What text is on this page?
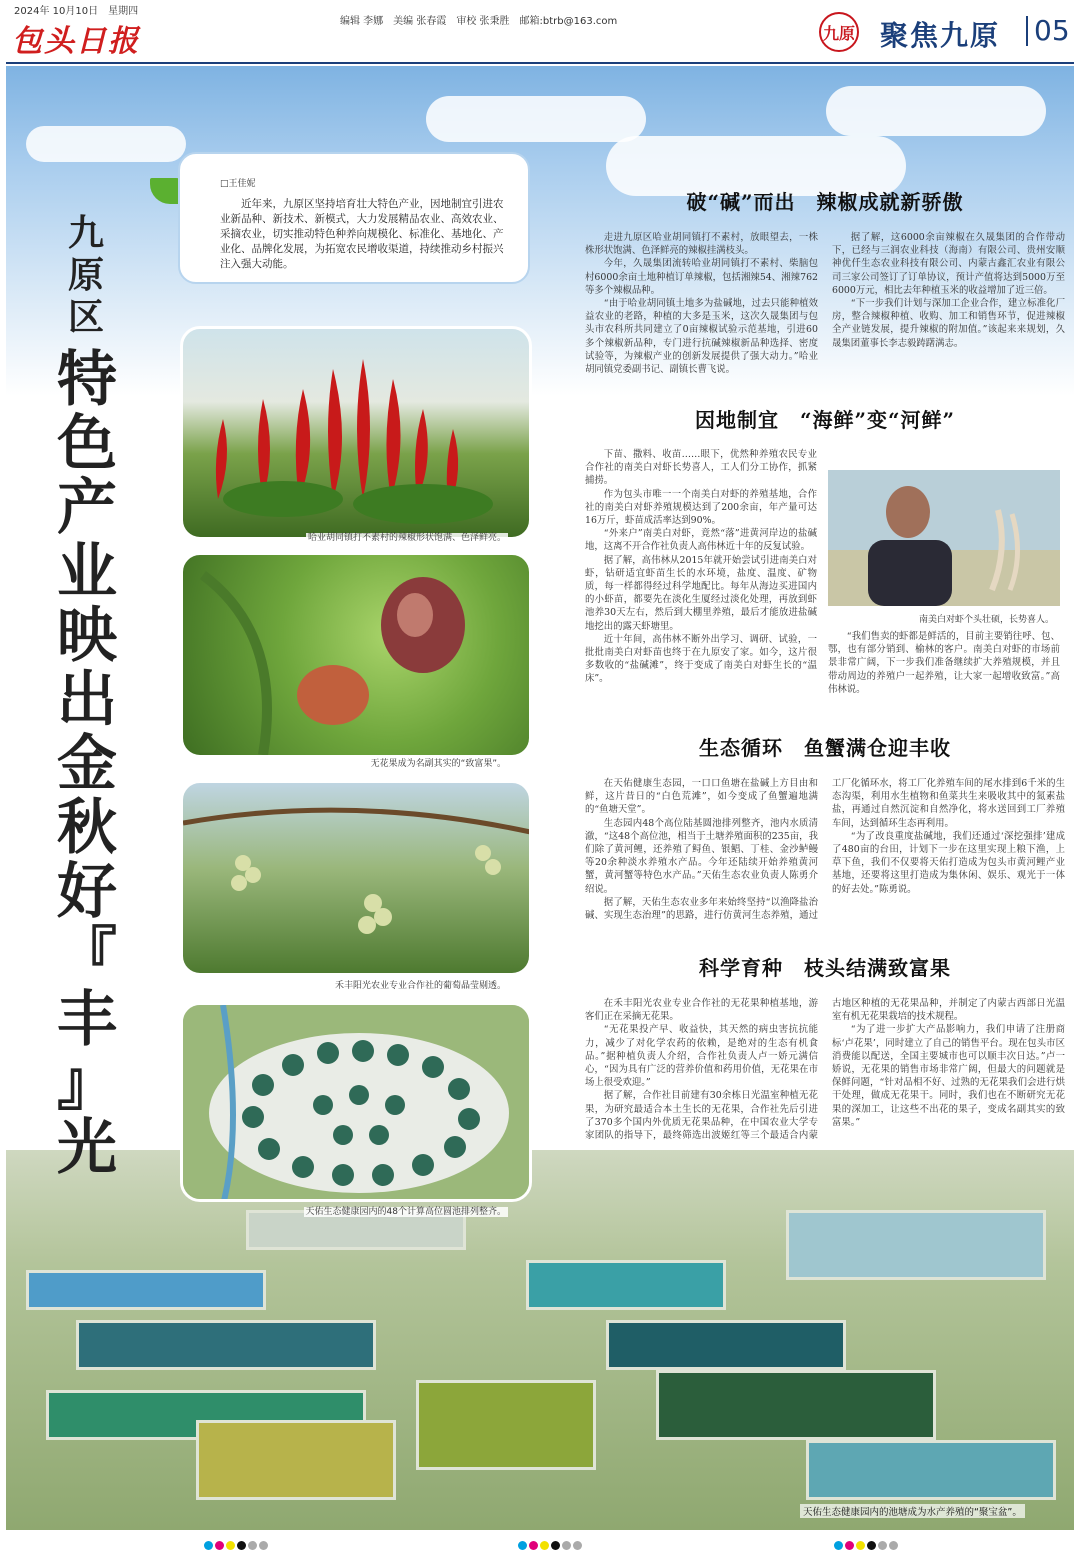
2024年 10月10日　星期四
包头日报
编辑 李娜　美编 张春霞　审校 张秉胜　邮箱:btrb@163.com
九原 聚焦九原 05
九
原
区
特
色
产
业
映
出
金
秋
好
『
丰
』
光
□王佳妮

近年来，九原区坚持培育壮大特色产业，因地制宜引进农业新品种、新技术、新模式，大力发展精品农业、高效农业、采摘农业，切实推动特色种养向规模化、标准化、基地化、产业化、品牌化发展，为拓宽农民增收渠道，持续推动乡村振兴注入强大动能。

哈业胡同镇打不素村的辣椒形状饱满、色泽鲜亮。
无花果成为名副其实的“致富果”。
禾丰阳光农业专业合作社的葡萄晶莹剔透。
天佑生态健康园内的48个计算高位圆池排列整齐。
破“碱”而出　辣椒成就新骄傲

走进九原区哈业胡同镇打不素村，放眼望去，一株株形状饱满、色泽鲜亮的辣椒挂满枝头。

今年，久晟集团流转哈业胡同镇打不素村、柴脑包村6000余亩土地种植订单辣椒，包括湘辣54、湘辣762等多个辣椒品种。

“由于哈业胡同镇土地多为盐碱地，过去只能种植效益农业的老路，种植的大多是玉米，这次久晟集团与包头市农科所共同建立了0亩辣椒试验示范基地，引进60多个辣椒新品种，专门进行抗碱辣椒新品种选择、密度试验等，为辣椒产业的创新发展提供了强大动力。”哈业胡同镇党委副书记、副镇长曹飞说。

据了解，这6000余亩辣椒在久晟集团的合作带动下，已经与三润农业科技（海南）有限公司、贵州安顺神优仟生态农业科技有限公司、内蒙古鑫汇农业有限公司三家公司签订了订单协议，预计产值将达到5000万至6000万元，相比去年种植玉米的收益增加了近三倍。

“下一步我们计划与深加工企业合作，建立标准化厂房，整合辣椒种植、收购、加工和销售环节，促进辣椒全产业链发展，提升辣椒的附加值。”该起来来规划，久晟集团董事长李志毅踌躇满志。

因地制宜　“海鲜”变“河鲜”

下苗、撒料、收苗……眼下，优然种养殖农民专业合作社的南美白对虾长势喜人，工人们分工协作，抓紧捕捞。

作为包头市唯一一个南美白对虾的养殖基地，合作社的南美白对虾养殖规模达到了200余亩，年产量可达16万斤，虾苗成活率达到90%。

“外来户”南美白对虾，竟然“落”进黄河岸边的盐碱地，这离不开合作社负责人高伟林近十年的反复试验。

据了解，高伟林从2015年就开始尝试引进南美白对虾，钻研适宜虾苗生长的水环境，盐度、温度、矿物质，每一样都得经过科学地配比。每年从海边买进国内的小虾苗，都要先在淡化生厦经过淡化处理，再放到虾池养30天左右，然后到大棚里养殖，最后才能放进盐碱地挖出的露天虾塘里。

近十年间，高伟林不断外出学习、调研、试验，一批批南美白对虾苗也终于在九原安了家。如今，这片很多数收的“盐碱滩”，终于变成了南美白对虾生长的“温床”。

南美白对虾个头壮硕，长势喜人。

“我们售卖的虾都是鲜活的，目前主要销往呼、包、鄂，也有部分销到、榆林的客户。南美白对虾的市场前景非常广阔，下一步我们准备继续扩大养殖规模，并且带动周边的养殖户一起养殖，让大家一起增收致富。”高伟林说。

生态循环　鱼蟹满仓迎丰收

在天佑健康生态园，一口口鱼塘在盐碱上方目由和鲜，这片昔日的“白色荒滩”，如今变成了鱼蟹遍地满的“鱼塘天堂”。

生态园内48个高位陆基圆池排列整齐，池内水质清澈，“这48个高位池，相当于土塘养殖面积的235亩，我们除了黄河鲤，还养殖了鲟鱼、银鲳、丁桂、金沙鲈鳗等20余种淡水养殖水产品。今年还陆续开始养殖黄河蟹，黄河蟹等特色水产品。”天佑生态农业负责人陈勇介绍说。

据了解，天佑生态农业多年来始终坚持“以渔降盐治碱、实现生态治理”的思路，进行仿黄河生态养殖，通过工厂化循环水，将工厂化养殖车间的尾水排到6千米的生态沟渠，利用水生植物和鱼菜共生来吸收其中的氮素盐盐，再通过自然沉淀和自然净化，将水送回到工厂养殖车间，达到循环生态再利用。

“为了改良重度盐碱地，我们还通过‘深挖强排’建成了480亩的台田，计划下一步在这里实现上粮下渔，上草下鱼，我们不仅要将天佑打造成为包头市黄河鲤产业基地，还要将这里打造成为集休闲、娱乐、观光于一体的好去处。”陈勇说。

科学育种　枝头结满致富果

在禾丰阳光农业专业合作社的无花果种植基地，游客们正在采摘无花果。

“无花果投产早、收益快，其天然的病虫害抗抗能力，减少了对化学农药的依赖，是绝对的生态有机食品。”据种植负责人介绍，合作社负责人卢一娇元满信心，“因为具有广泛的营养价值和药用价值，无花果在市场上很受欢迎。”

据了解，合作社目前建有30余栋日光温室种植无花果，为研究最适合本土生长的无花果，合作社先后引进了370多个国内外优质无花果品种，在中国农业大学专家团队的指导下，最终筛选出波姬红等三个最适合内蒙古地区种植的无花果品种，并制定了内蒙古西部日光温室有机无花果栽培的技术规程。

“为了进一步扩大产品影响力，我们申请了注册商标‘卢花果’，同时建立了自己的销售平台。现在包头市区消费能以配送，全国主要城市也可以顺丰次日达。”卢一娇说，无花果的销售市场非常广阔，但最大的问题就是保鲜问题，“针对品相不好、过熟的无花果我们会进行烘干处理，做成无花果干。同时，我们也在不断研究无花果的深加工，让这些不出花的果子，变成名副其实的致富果。”

天佑生态健康园内的池塘成为水产养殖的“聚宝盆”。
